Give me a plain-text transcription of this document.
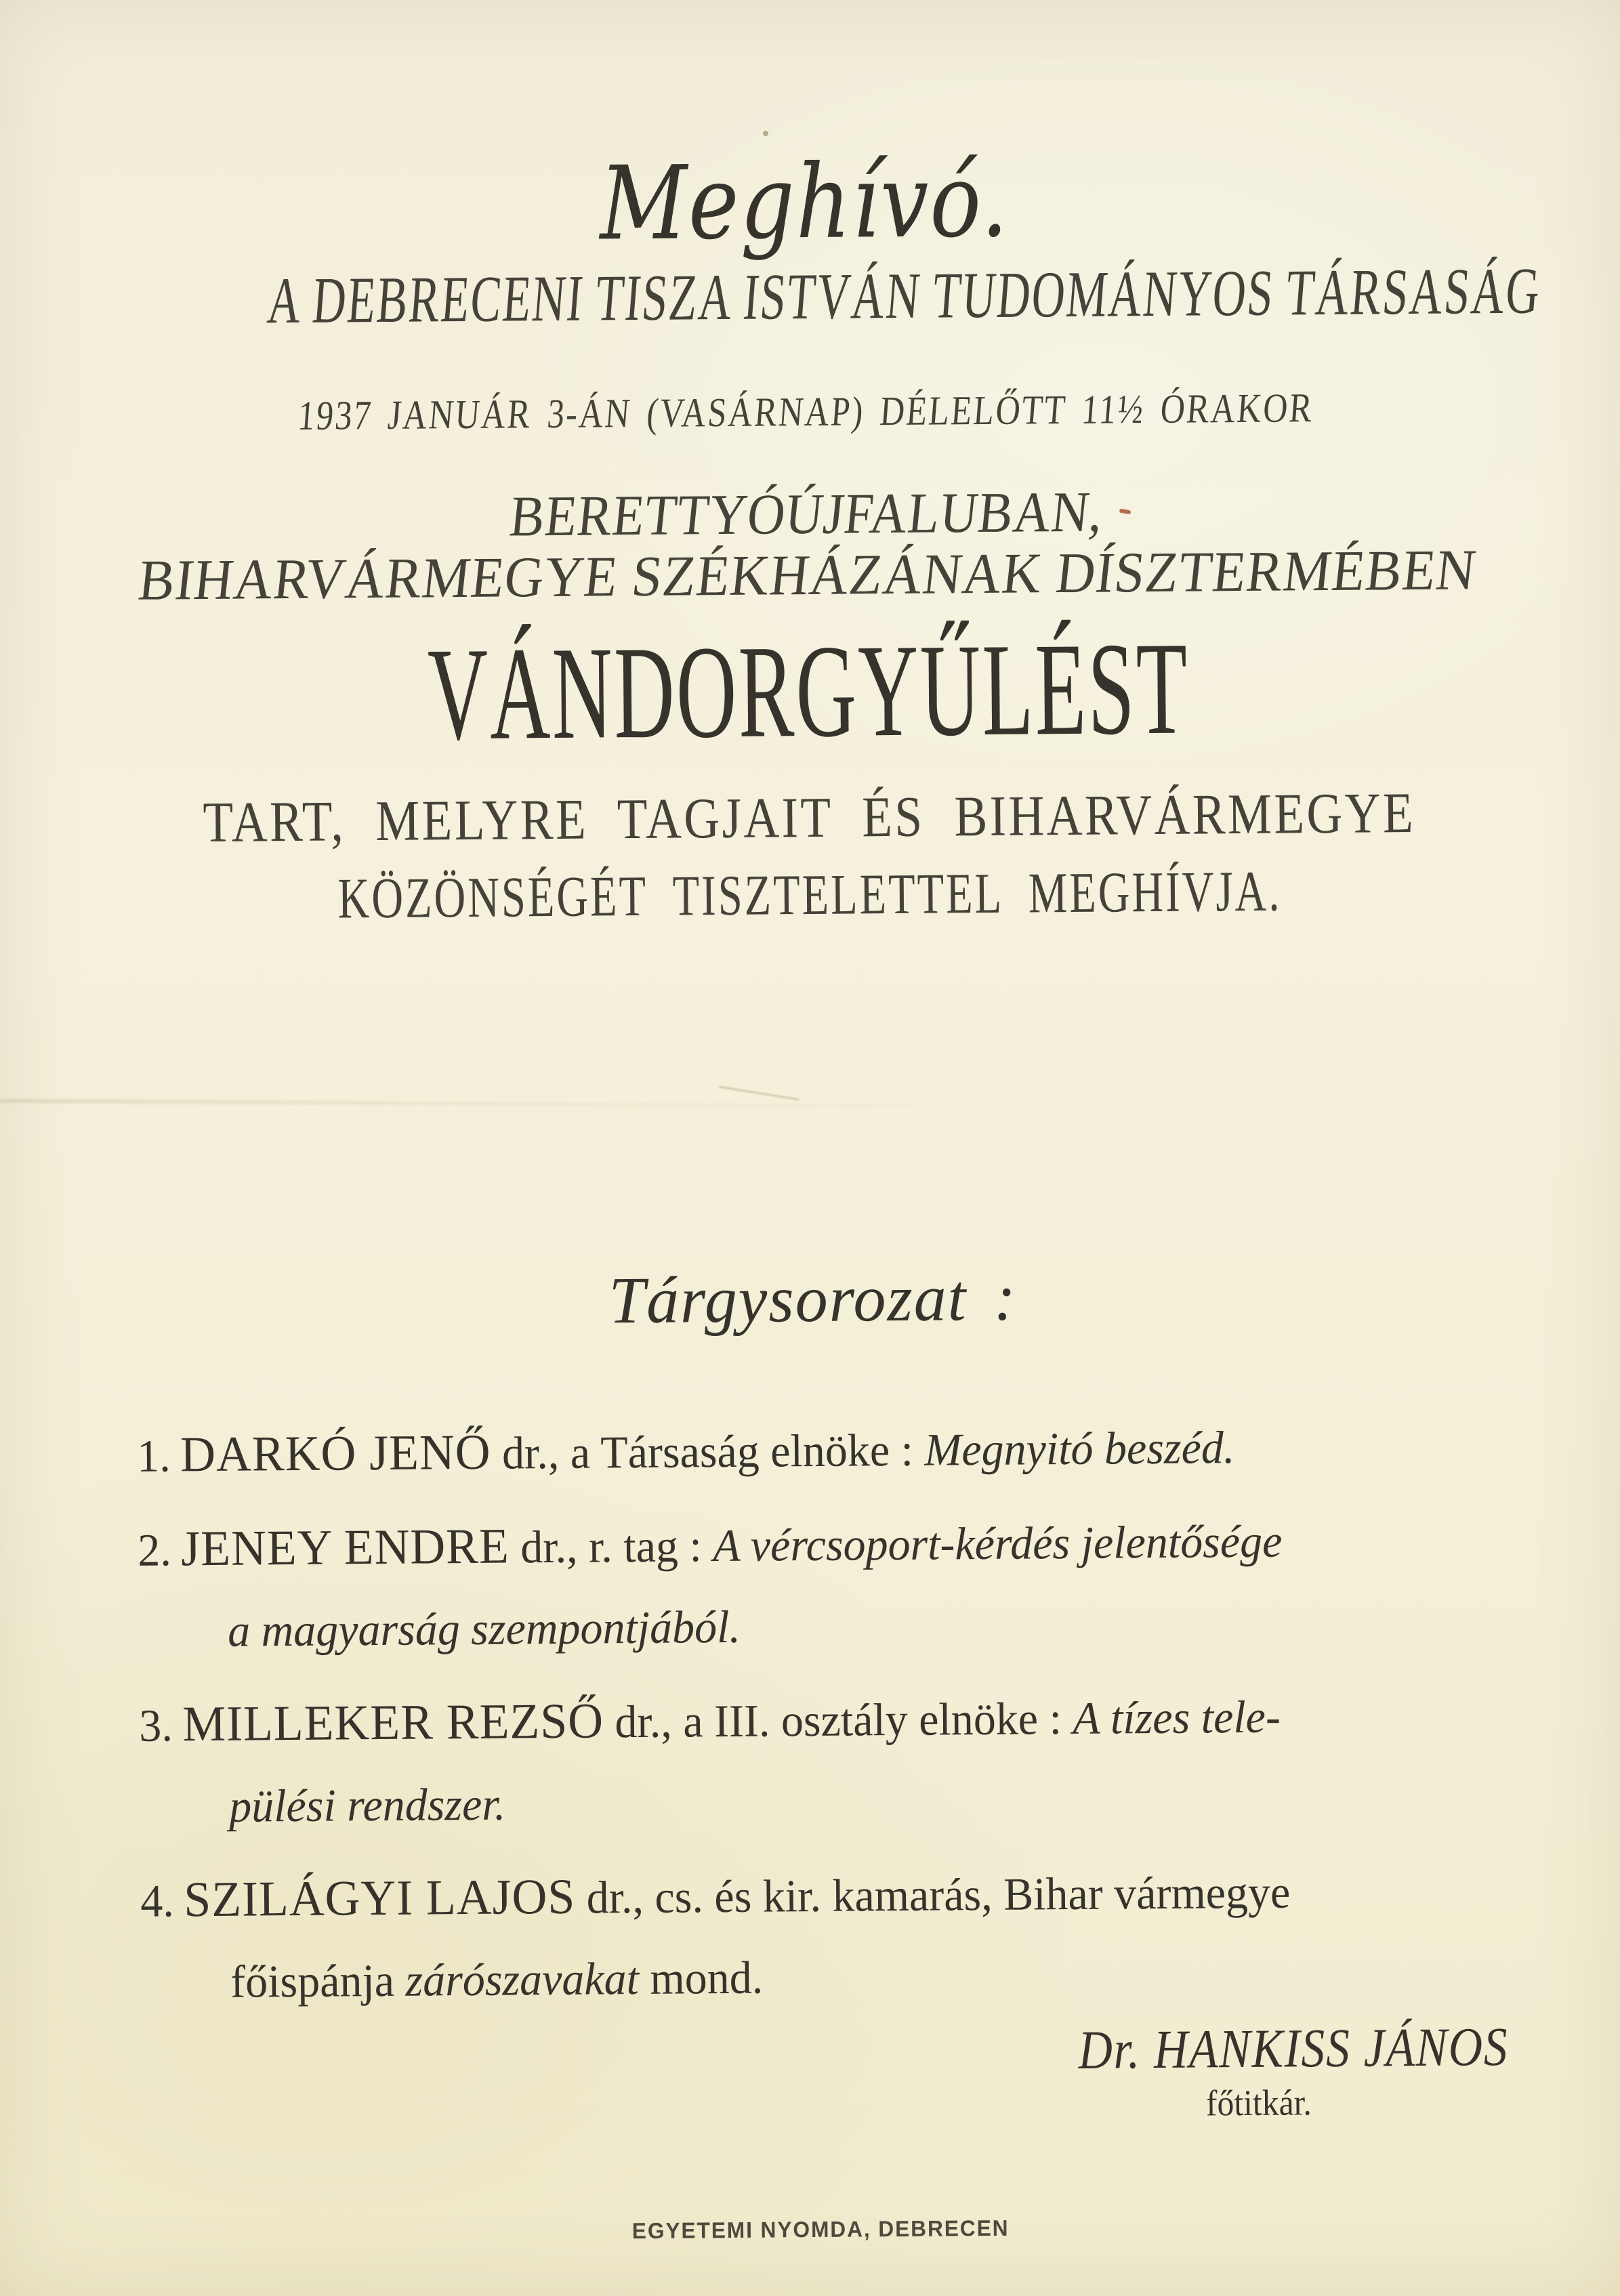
Meghívó.
A DEBRECENI TISZA ISTVÁN TUDOMÁNYOS TÁRSASÁG
1937 JANUÁR 3-ÁN (VASÁRNAP) DÉLELŐTT 11½ ÓRAKOR
BERETTYÓÚJFALUBAN,
BIHARVÁRMEGYE SZÉKHÁZÁNAK DÍSZTERMÉBEN
VÁNDORGYŰLÉST
TART, MELYRE TAGJAIT ÉS BIHARVÁRMEGYE
KÖZÖNSÉGÉT TISZTELETTEL MEGHÍVJA.
Tárgysorozat :
1. DARKÓ JENŐ dr., a Társaság elnöke : Megnyitó beszéd.
2. JENEY ENDRE dr., r. tag : A vércsoport-kérdés jelentősége
a magyarság szempontjából.
3. MILLEKER REZSŐ dr., a III. osztály elnöke : A tízes tele-
pülési rendszer.
4. SZILÁGYI LAJOS dr., cs. és kir. kamarás, Bihar vármegye
főispánja zárószavakat mond.
Dr. HANKISS JÁNOS
főtitkár.
EGYETEMI NYOMDA, DEBRECEN
